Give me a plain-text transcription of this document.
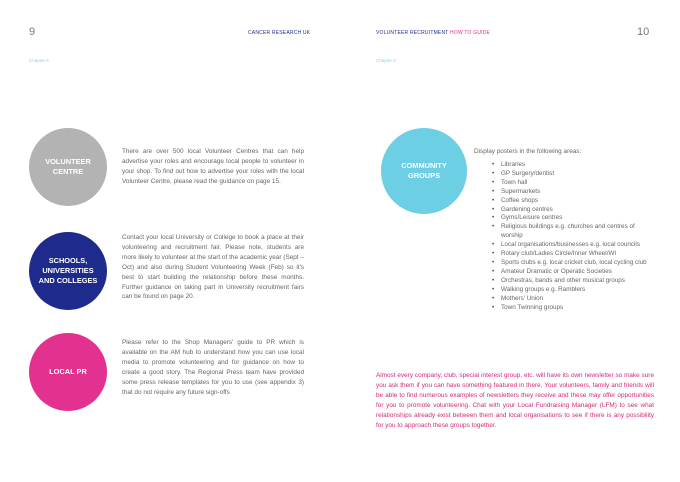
9	CANCER RESEARCH UK
Chapter 6
VOLUNTEER
CENTRE
There are over 500 local Volunteer Centres that can help advertise your roles and encourage local people to volunteer in your shop. To find out how to advertise your roles with the local Volunteer Centre, please read the guidance on page 15.
SCHOOLS,
UNIVERSITIES
AND COLLEGES
Contact your local University or College to book a place at their volunteering and recruitment fair. Please note, students are more likely to volunteer at the start of the academic year (Sept – Oct) and also during Student Volunteering Week (Feb) so it's best to start building the relationship before these months. Further guidance on taking part in University recruitment fairs can be found on page 20.
LOCAL PR
Please refer to the Shop Managers' guide to PR which is available on the AM hub to understand how you can use local media to promote volunteering and for guidance on how to create a good story. The Regional Press team have provided some press release templates for you to use (see appendix 3) that do not require any future sign-offs
VOLUNTEER RECRUITMENT HOW TO GUIDE	10
Chapter 6
COMMUNITY
GROUPS
Display posters in the following areas:
• Libraries
• GP Surgery/dentist
• Town hall
• Supermarkets
• Coffee shops
• Gardening centres
• Gyms/Leisure centres
• Religious buildings e.g. churches and centres of worship
• Local organisations/businesses e.g. local councils
• Rotary club/Ladies Circle/Inner Wheel/WI
• Sports clubs e.g. local cricket club, local cycling club
• Amateur Dramatic or Operatic Societies
• Orchestras, bands and other musical groups
• Walking groups e.g. Ramblers
• Mothers' Union
• Town Twinning groups
Almost every company, club, special interest group, etc. will have its own newsletter so make sure you ask them if you can have something featured in there. Your volunteers, family and friends will be able to find numerous examples of newsletters they receive and these may offer opportunities for you to promote volunteering. Chat with your Local Fundraising Manager (LFM) to see what relationships already exist between them and local organisations to see if there is any possibility for you to approach these groups together.
